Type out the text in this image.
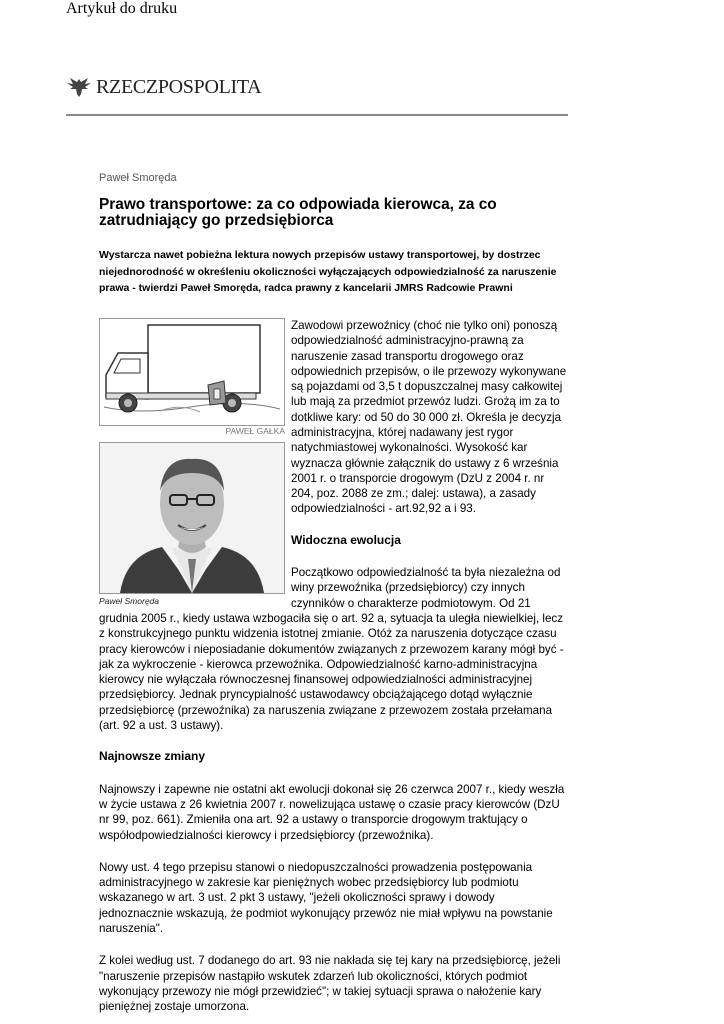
Artykuł do druku
RZECZPOSPOLITA
Paweł Smoręda
Prawo transportowe: za co odpowiada kierowca, za co zatrudniający go przedsiębiorca
Wystarcza nawet pobieżna lektura nowych przepisów ustawy transportowej, by dostrzec niejednorodność w określeniu okoliczności wyłączających odpowiedzialność za naruszenie prawa - twierdzi Paweł Smoręda, radca prawny z kancelarii JMRS Radcowie Prawni
PAWEŁ GAŁKA
Paweł Smoręda

Zawodowi przewoźnicy (choć nie tylko oni) ponoszą odpowiedzialność administracyjno-prawną za naruszenie zasad transportu drogowego oraz odpowiednich przepisów, o ile przewozy wykonywane są pojazdami od 3,5 t dopuszczalnej masy całkowitej lub mają za przedmiot przewóz ludzi. Grożą im za to dotkliwe kary: od 50 do 30 000 zł. Określa je decyzja administracyjna, której nadawany jest rygor natychmiastowej wykonalności. Wysokość kar wyznacza głównie załącznik do ustawy z 6 września 2001 r. o transporcie drogowym (DzU z 2004 r. nr 204, poz. 2088 ze zm.; dalej: ustawa), a zasady odpowiedzialności - art.92,92 a i 93.

Widoczna ewolucja

Początkowo odpowiedzialność ta była niezależna od winy przewoźnika (przedsiębiorcy) czy innych czynników o charakterze podmiotowym. Od 21 grudnia 2005 r., kiedy ustawa wzbogaciła się o art. 92 a, sytuacja ta uległa niewielkiej, lecz z konstrukcyjnego punktu widzenia istotnej zmianie. Otóż za naruszenia dotyczące czasu pracy kierowców i nieposiadanie dokumentów związanych z przewozem karany mógł być - jak za wykroczenie - kierowca przewoźnika. Odpowiedzialność karno-administracyjna kierowcy nie wyłączała równoczesnej finansowej odpowiedzialności administracyjnej przedsiębiorcy. Jednak pryncypialność ustawodawcy obciążającego dotąd wyłącznie przedsiębiorcę (przewoźnika) za naruszenia związane z przewozem została przełamana (art. 92 a ust. 3 ustawy).

Najnowsze zmiany

Najnowszy i zapewne nie ostatni akt ewolucji dokonał się 26 czerwca 2007 r., kiedy weszła w życie ustawa z 26 kwietnia 2007 r. nowelizująca ustawę o czasie pracy kierowców (DzU nr 99, poz. 661). Zmieniła ona art. 92 a ustawy o transporcie drogowym traktujący o współodpowiedzialności kierowcy i przedsiębiorcy (przewoźnika).

Nowy ust. 4 tego przepisu stanowi o niedopuszczalności prowadzenia postępowania administracyjnego w zakresie kar pieniężnych wobec przedsiębiorcy lub podmiotu wskazanego w art. 3 ust. 2 pkt 3 ustawy, "jeżeli okoliczności sprawy i dowody jednoznacznie wskazują, że podmiot wykonujący przewóz nie miał wpływu na powstanie naruszenia".

Z kolei według ust. 7 dodanego do art. 93 nie nakłada się tej kary na przedsiębiorcę, jeżeli "naruszenie przepisów nastąpiło wskutek zdarzeń lub okoliczności, których podmiot wykonujący przewozy nie mógł przewidzieć"; w takiej sytuacji sprawa o nałożenie kary pieniężnej zostaje umorzona.
